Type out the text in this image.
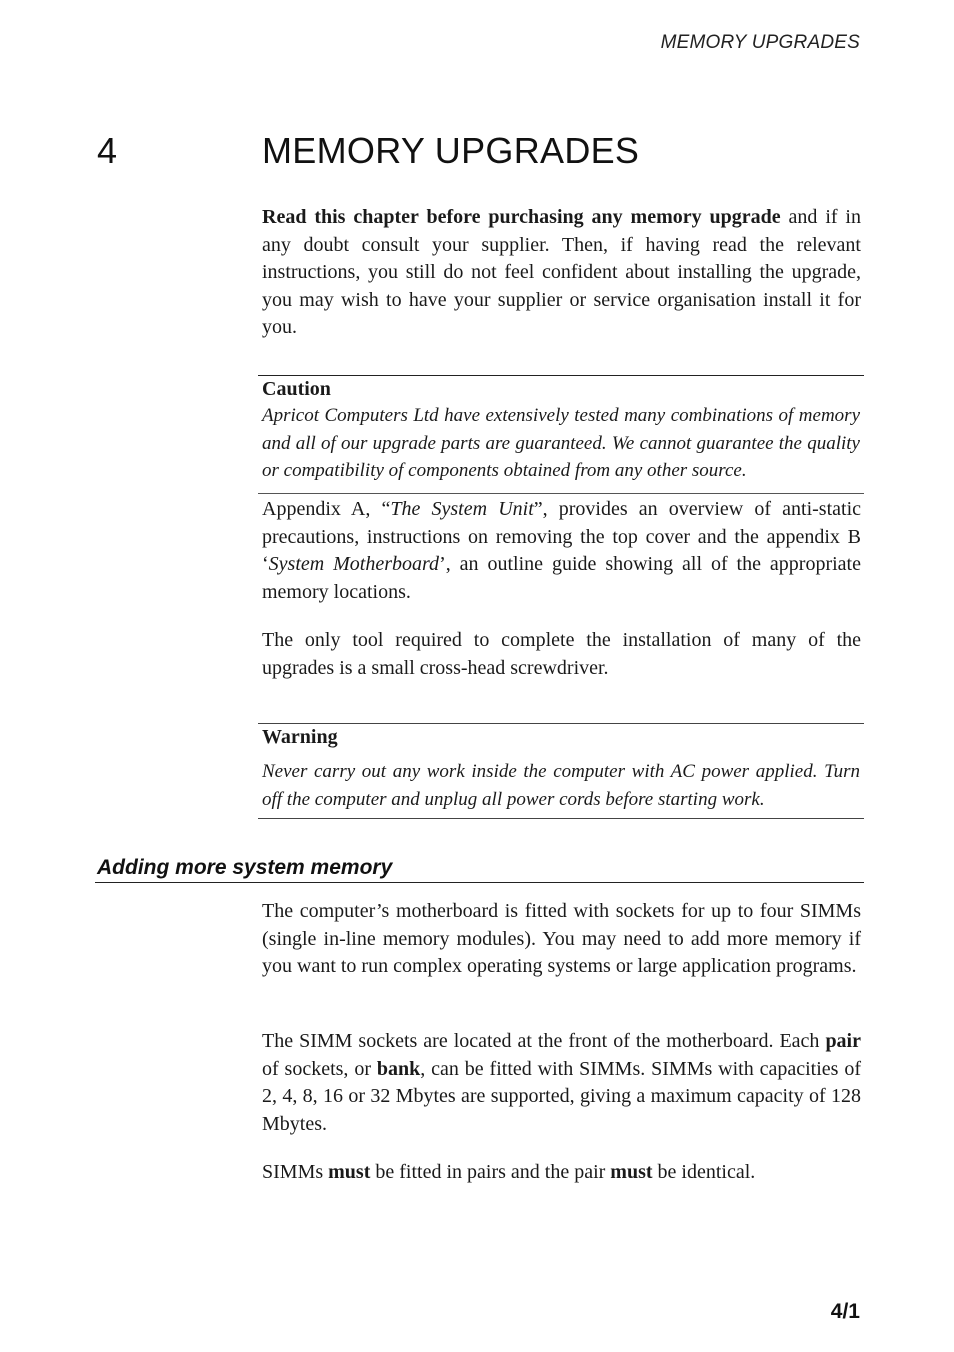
MEMORY UPGRADES
4	MEMORY UPGRADES

Read this chapter before purchasing any memory upgrade and if in any doubt consult your supplier. Then, if having read the relevant instructions, you still do not feel confident about installing the upgrade, you may wish to have your supplier or service organisation install it for you.

Caution
Apricot Computers Ltd have extensively tested many combinations of memory and all of our upgrade parts are guaranteed. We cannot guarantee the quality or compatibility of components obtained from any other source.

Appendix A, “The System Unit”, provides an overview of anti-static precautions, instructions on removing the top cover and the appendix B ‘System Motherboard’, an outline guide showing all of the appropriate memory locations.

The only tool required to complete the installation of many of the upgrades is a small cross-head screwdriver.

Warning
Never carry out any work inside the computer with AC power applied. Turn off the computer and unplug all power cords before starting work.
Adding more system memory

The computer’s motherboard is fitted with sockets for up to four SIMMs (single in-line memory modules). You may need to add more memory if you want to run complex operating systems or large application programs.

The SIMM sockets are located at the front of the motherboard. Each pair of sockets, or bank, can be fitted with SIMMs. SIMMs with capacities of 2, 4, 8, 16 or 32 Mbytes are supported, giving a maximum capacity of 128 Mbytes.

SIMMs must be fitted in pairs and the pair must be identical.

4/1
